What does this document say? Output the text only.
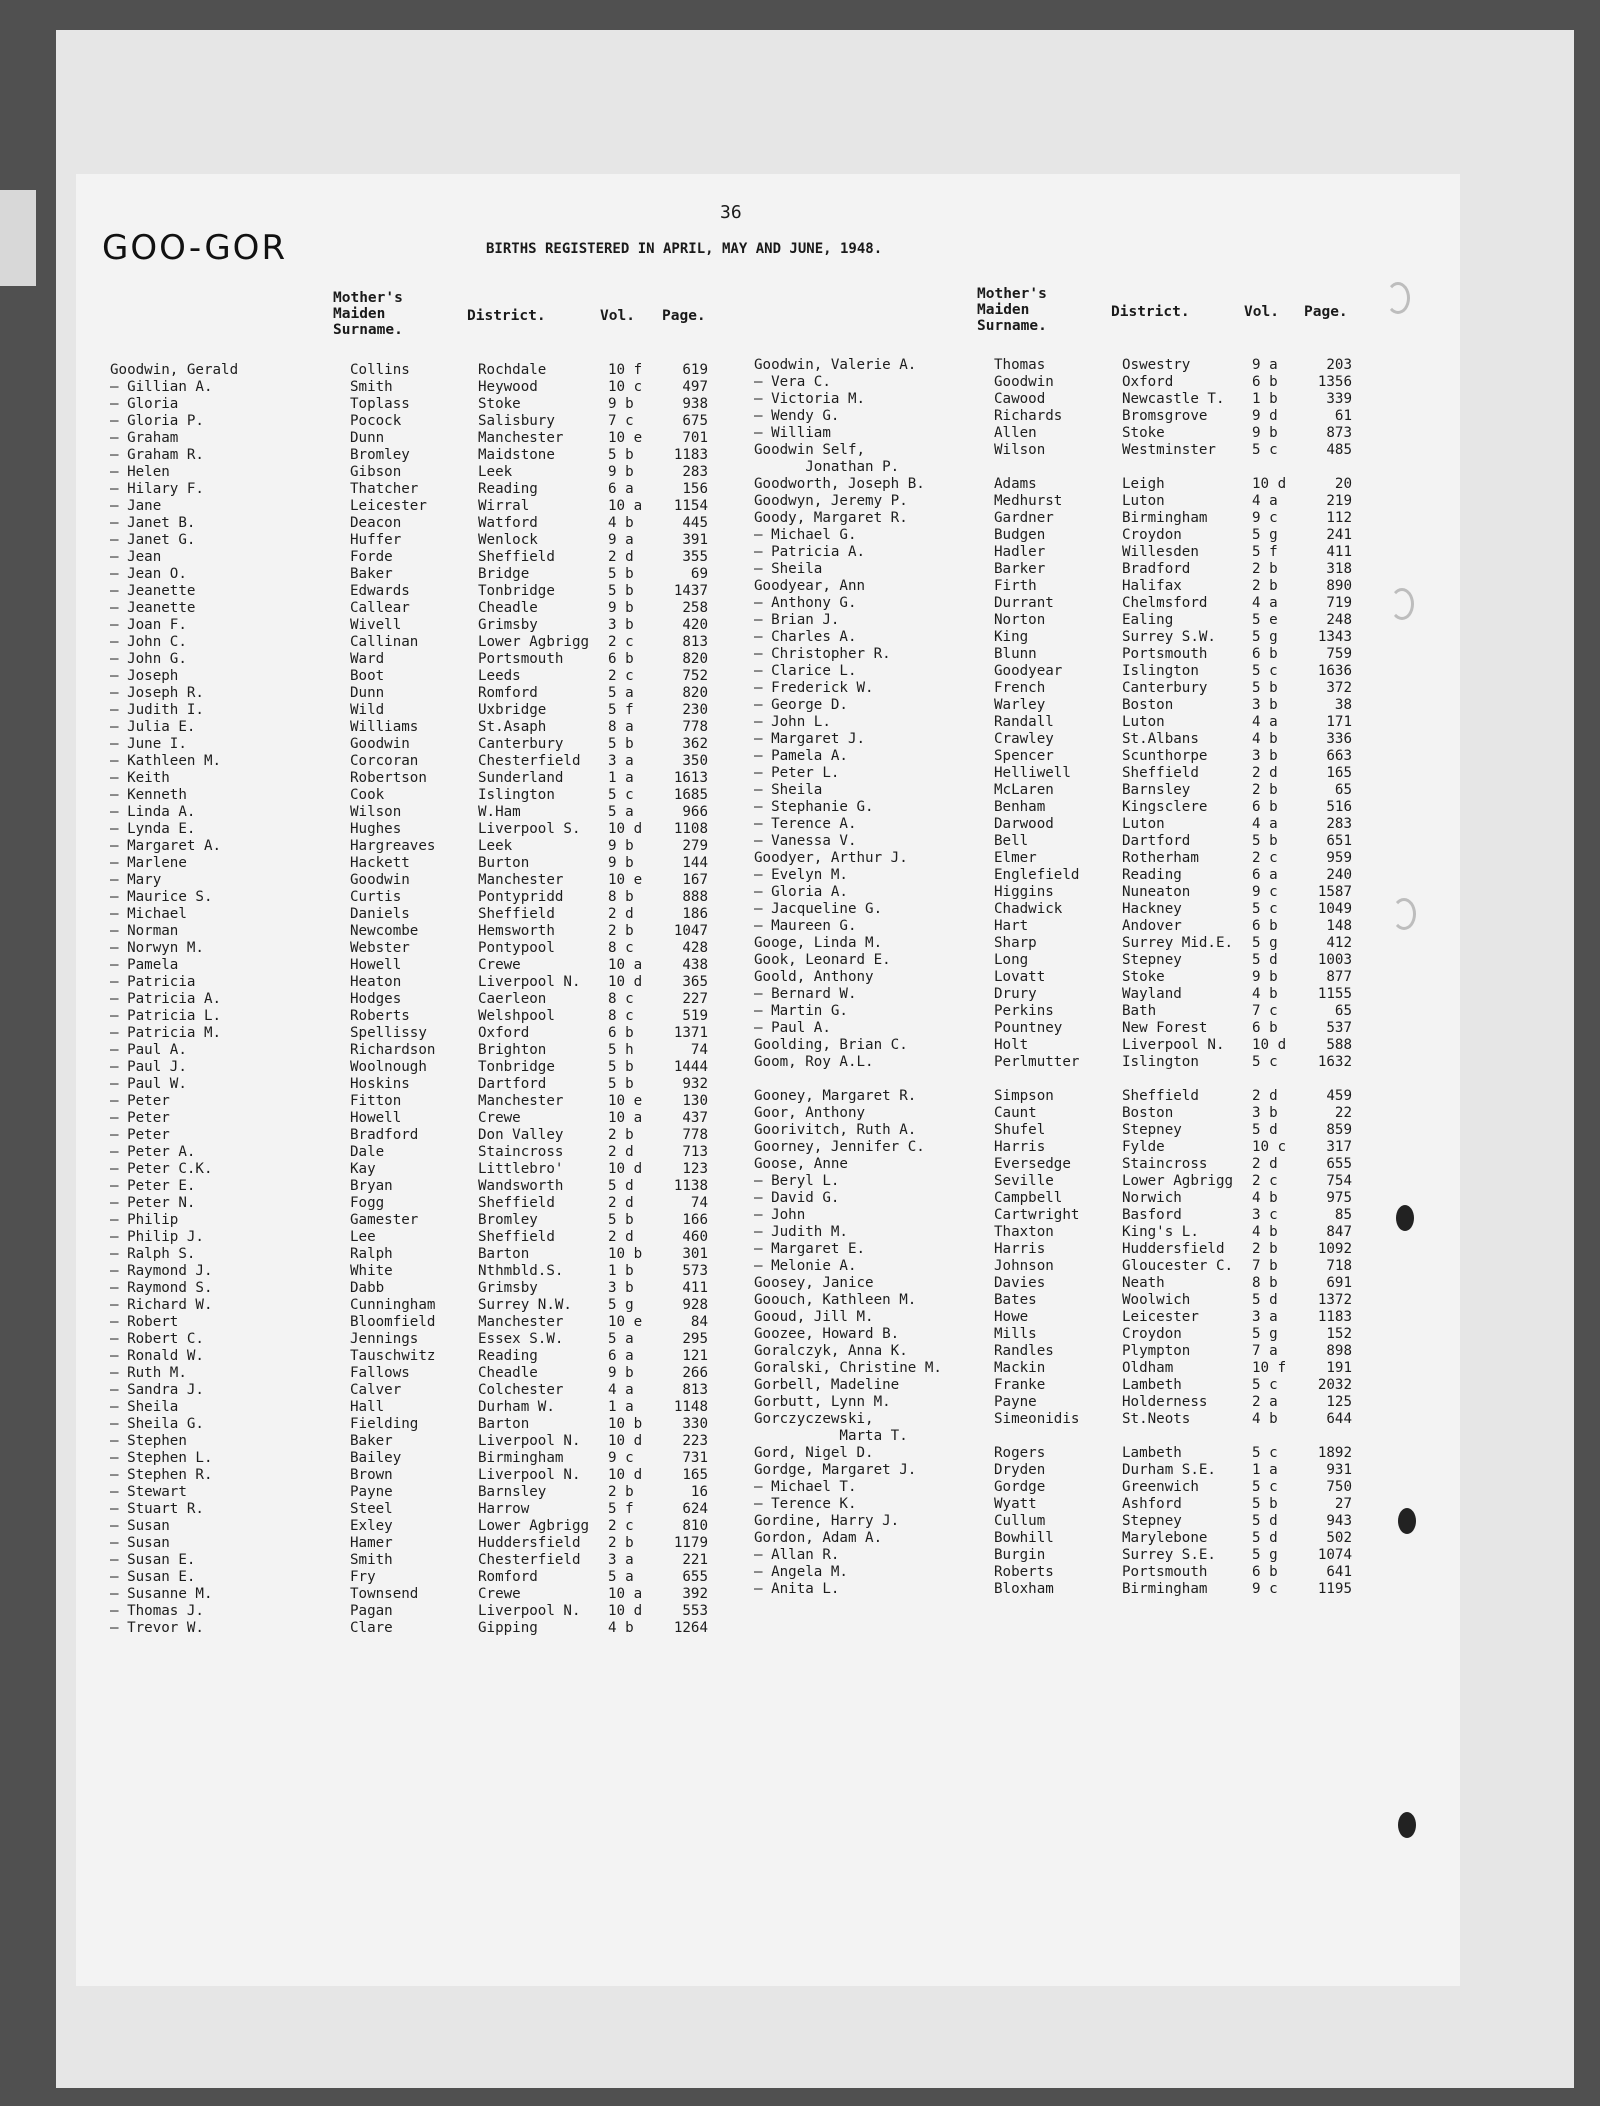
36
GOO-GOR	BIRTHS REGISTERED IN APRIL, MAY AND JUNE, 1948.
Mother's
Maiden
Surname.
District.	Vol. Page.
Mother's
Maiden
Surname.
District.	Vol. Page.
Goodwin, Gerald	Collins	Rochdale	10 f	619
— Gillian A.	Smith	Heywood	10 c	497
— Gloria	Toplass	Stoke	9 b	938
— Gloria P.	Pocock	Salisbury	7 c	675
— Graham	Dunn	Manchester	10 e	701
— Graham R.	Bromley	Maidstone	5 b	1183
— Helen	Gibson	Leek	9 b	283
— Hilary F.	Thatcher	Reading	6 a	156
— Jane	Leicester	Wirral	10 a	1154
— Janet B.	Deacon	Watford	4 b	445
— Janet G.	Huffer	Wenlock	9 a	391
— Jean	Forde	Sheffield	2 d	355
— Jean O.	Baker	Bridge	5 b	69
— Jeanette	Edwards	Tonbridge	5 b	1437
— Jeanette	Callear	Cheadle	9 b	258
— Joan F.	Wivell	Grimsby	3 b	420
— John C.	Callinan	Lower Agbrigg	2 c	813
— John G.	Ward	Portsmouth	6 b	820
— Joseph	Boot	Leeds	2 c	752
— Joseph R.	Dunn	Romford	5 a	820
— Judith I.	Wild	Uxbridge	5 f	230
— Julia E.	Williams	St.Asaph	8 a	778
— June I.	Goodwin	Canterbury	5 b	362
— Kathleen M.	Corcoran	Chesterfield	3 a	350
— Keith	Robertson	Sunderland	1 a	1613
— Kenneth	Cook	Islington	5 c	1685
— Linda A.	Wilson	W.Ham	5 a	966
— Lynda E.	Hughes	Liverpool S.	10 d	1108
— Margaret A.	Hargreaves	Leek	9 b	279
— Marlene	Hackett	Burton	9 b	144
— Mary	Goodwin	Manchester	10 e	167
— Maurice S.	Curtis	Pontypridd	8 b	888
— Michael	Daniels	Sheffield	2 d	186
— Norman	Newcombe	Hemsworth	2 b	1047
— Norwyn M.	Webster	Pontypool	8 c	428
— Pamela	Howell	Crewe	10 a	438
— Patricia	Heaton	Liverpool N.	10 d	365
— Patricia A.	Hodges	Caerleon	8 c	227
— Patricia L.	Roberts	Welshpool	8 c	519
— Patricia M.	Spellissy	Oxford	6 b	1371
— Paul A.	Richardson	Brighton	5 h	74
— Paul J.	Woolnough	Tonbridge	5 b	1444
— Paul W.	Hoskins	Dartford	5 b	932
— Peter	Fitton	Manchester	10 e	130
— Peter	Howell	Crewe	10 a	437
— Peter	Bradford	Don Valley	2 b	778
— Peter A.	Dale	Staincross	2 d	713
— Peter C.K.	Kay	Littlebro'	10 d	123
— Peter E.	Bryan	Wandsworth	5 d	1138
— Peter N.	Fogg	Sheffield	2 d	74
— Philip	Gamester	Bromley	5 b	166
— Philip J.	Lee	Sheffield	2 d	460
— Ralph S.	Ralph	Barton	10 b	301
— Raymond J.	White	Nthmbld.S.	1 b	573
— Raymond S.	Dabb	Grimsby	3 b	411
— Richard W.	Cunningham	Surrey N.W.	5 g	928
— Robert	Bloomfield	Manchester	10 e	84
— Robert C.	Jennings	Essex S.W.	5 a	295
— Ronald W.	Tauschwitz	Reading	6 a	121
— Ruth M.	Fallows	Cheadle	9 b	266
— Sandra J.	Calver	Colchester	4 a	813
— Sheila	Hall	Durham W.	1 a	1148
— Sheila G.	Fielding	Barton	10 b	330
— Stephen	Baker	Liverpool N.	10 d	223
— Stephen L.	Bailey	Birmingham	9 c	731
— Stephen R.	Brown	Liverpool N.	10 d	165
— Stewart	Payne	Barnsley	2 b	16
— Stuart R.	Steel	Harrow	5 f	624
— Susan	Exley	Lower Agbrigg	2 c	810
— Susan	Hamer	Huddersfield	2 b	1179
— Susan E.	Smith	Chesterfield	3 a	221
— Susan E.	Fry	Romford	5 a	655
— Susanne M.	Townsend	Crewe	10 a	392
— Thomas J.	Pagan	Liverpool N.	10 d	553
— Trevor W.	Clare	Gipping	4 b	1264
Goodwin, Valerie A.	Thomas	Oswestry	9 a	203
— Vera C.	Goodwin	Oxford	6 b	1356
— Victoria M.	Cawood	Newcastle T.	1 b	339
— Wendy G.	Richards	Bromsgrove	9 d	61
— William	Allen	Stoke	9 b	873
Goodwin Self,	Wilson	Westminster	5 c	485
Jonathan P.
Goodworth, Joseph B.	Adams	Leigh	10 d	20
Goodwyn, Jeremy P.	Medhurst	Luton	4 a	219
Goody, Margaret R.	Gardner	Birmingham	9 c	112
— Michael G.	Budgen	Croydon	5 g	241
— Patricia A.	Hadler	Willesden	5 f	411
— Sheila	Barker	Bradford	2 b	318
Goodyear, Ann	Firth	Halifax	2 b	890
— Anthony G.	Durrant	Chelmsford	4 a	719
— Brian J.	Norton	Ealing	5 e	248
— Charles A.	King	Surrey S.W.	5 g	1343
— Christopher R.	Blunn	Portsmouth	6 b	759
— Clarice L.	Goodyear	Islington	5 c	1636
— Frederick W.	French	Canterbury	5 b	372
— George D.	Warley	Boston	3 b	38
— John L.	Randall	Luton	4 a	171
— Margaret J.	Crawley	St.Albans	4 b	336
— Pamela A.	Spencer	Scunthorpe	3 b	663
— Peter L.	Helliwell	Sheffield	2 d	165
— Sheila	McLaren	Barnsley	2 b	65
— Stephanie G.	Benham	Kingsclere	6 b	516
— Terence A.	Darwood	Luton	4 a	283
— Vanessa V.	Bell	Dartford	5 b	651
Goodyer, Arthur J.	Elmer	Rotherham	2 c	959
— Evelyn M.	Englefield	Reading	6 a	240
— Gloria A.	Higgins	Nuneaton	9 c	1587
— Jacqueline G.	Chadwick	Hackney	5 c	1049
— Maureen G.	Hart	Andover	6 b	148
Googe, Linda M.	Sharp	Surrey Mid.E.	5 g	412
Gook, Leonard E.	Long	Stepney	5 d	1003
Goold, Anthony	Lovatt	Stoke	9 b	877
— Bernard W.	Drury	Wayland	4 b	1155
— Martin G.	Perkins	Bath	7 c	65
— Paul A.	Pountney	New Forest	6 b	537
Goolding, Brian C.	Holt	Liverpool N.	10 d	588
Goom, Roy A.L.	Perlmutter	Islington	5 c	1632
Gooney, Margaret R.	Simpson	Sheffield	2 d	459
Goor, Anthony	Caunt	Boston	3 b	22
Goorivitch, Ruth A.	Shufel	Stepney	5 d	859
Goorney, Jennifer C.	Harris	Fylde	10 c	317
Goose, Anne	Eversedge	Staincross	2 d	655
— Beryl L.	Seville	Lower Agbrigg	2 c	754
— David G.	Campbell	Norwich	4 b	975
— John	Cartwright	Basford	3 c	85
— Judith M.	Thaxton	King's L.	4 b	847
— Margaret E.	Harris	Huddersfield	2 b	1092
— Melonie A.	Johnson	Gloucester C.	7 b	718
Goosey, Janice	Davies	Neath	8 b	691
Goouch, Kathleen M.	Bates	Woolwich	5 d	1372
Gooud, Jill M.	Howe	Leicester	3 a	1183
Goozee, Howard B.	Mills	Croydon	5 g	152
Goralczyk, Anna K.	Randles	Plympton	7 a	898
Goralski, Christine M.	Mackin	Oldham	10 f	191
Gorbell, Madeline	Franke	Lambeth	5 c	2032
Gorbutt, Lynn M.	Payne	Holderness	2 a	125
Gorczyczewski,	Simeonidis	St.Neots	4 b	644
Marta T.
Gord, Nigel D.	Rogers	Lambeth	5 c	1892
Gordge, Margaret J.	Dryden	Durham S.E.	1 a	931
— Michael T.	Gordge	Greenwich	5 c	750
— Terence K.	Wyatt	Ashford	5 b	27
Gordine, Harry J.	Cullum	Stepney	5 d	943
Gordon, Adam A.	Bowhill	Marylebone	5 d	502
— Allan R.	Burgin	Surrey S.E.	5 g	1074
— Angela M.	Roberts	Portsmouth	6 b	641
— Anita L.	Bloxham	Birmingham	9 c	1195
